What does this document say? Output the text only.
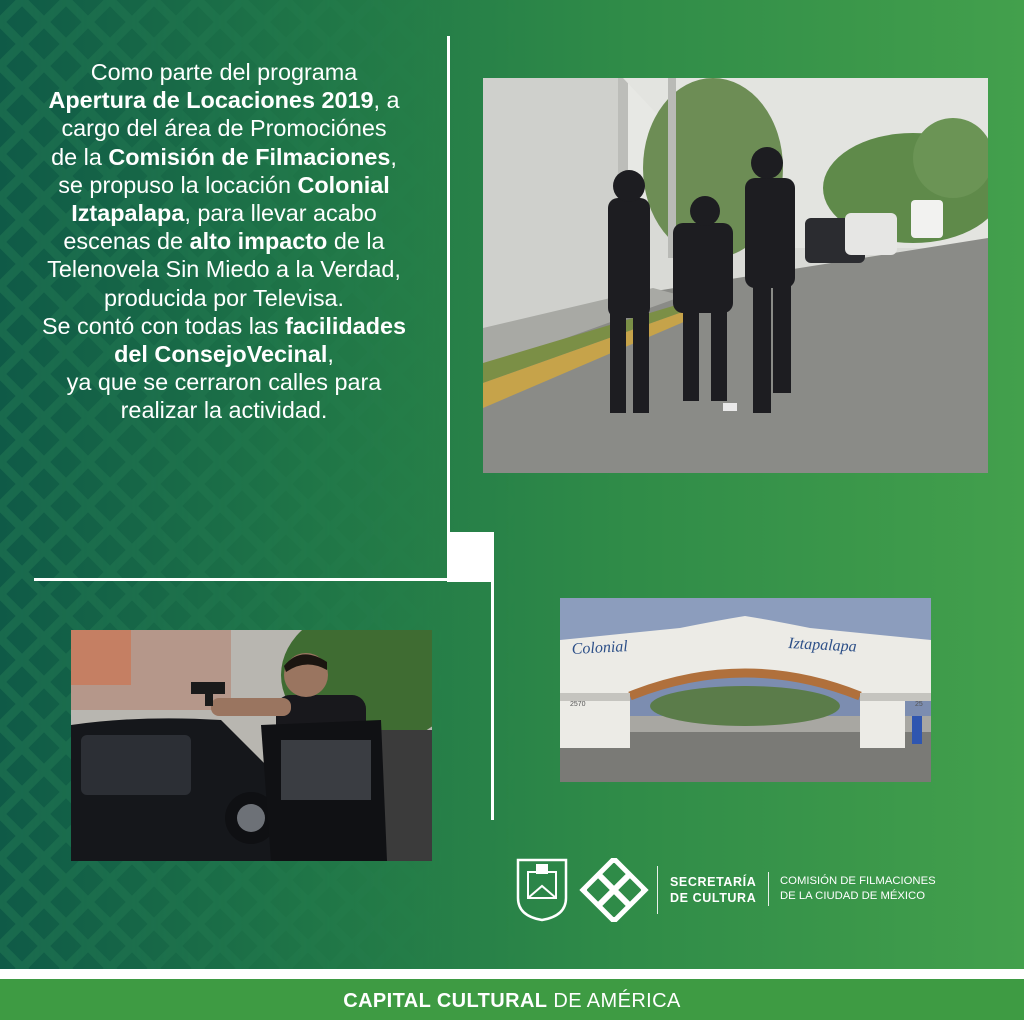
Como parte del programa

Apertura de Locaciones 2019, a

cargo del área de Promociónes

de la Comisión de Filmaciones,

se propuso la locación Colonial

Iztapalapa, para llevar acabo

escenas de alto impacto de la

Telenovela Sin Miedo a la Verdad,

producida por Televisa.

Se contó con todas las facilidades

del ConsejoVecinal,

ya que se cerraron calles para

realizar la actividad.

Colonial	Iztapalapa
2570	25
SECRETARÍA
DE CULTURA
COMISIÓN DE FILMACIONES
DE LA CIUDAD DE MÉXICO
CAPITAL CULTURAL DE AMÉRICA
